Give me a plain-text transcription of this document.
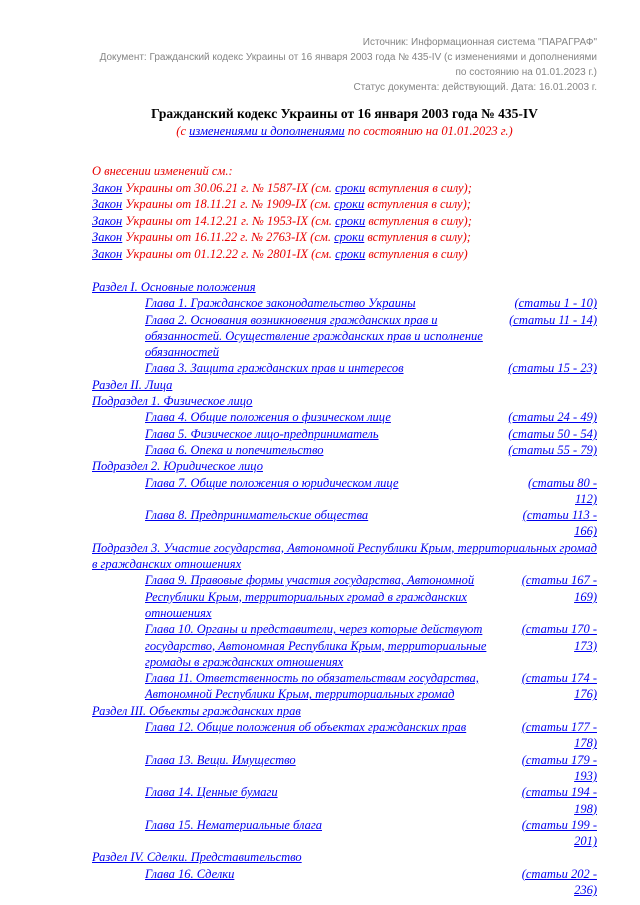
Источник: Информационная система "ПАРАГРАФ"
Документ: Гражданский кодекс Украины от 16 января 2003 года № 435-IV (с изменениями и дополнениями по состоянию на 01.01.2023 г.)
Статус документа: действующий. Дата: 16.01.2003 г.
Гражданский кодекс Украины от 16 января 2003 года № 435-IV
(с изменениями и дополнениями по состоянию на 01.01.2023 г.)
О внесении изменений см.:
Закон Украины от 30.06.21 г. № 1587-IX (см. сроки вступления в силу);
Закон Украины от 18.11.21 г. № 1909-IX (см. сроки вступления в силу);
Закон Украины от 14.12.21 г. № 1953-IX (см. сроки вступления в силу);
Закон Украины от 16.11.22 г. № 2763-IX (см. сроки вступления в силу);
Закон Украины от 01.12.22 г. № 2801-IX (см. сроки вступления в силу)
Раздел I. Основные положения
Глава 1. Гражданское законодательство Украины	(статьи 1 - 10)
Глава 2. Основания возникновения гражданских прав и обязанностей. Осуществление гражданских прав и исполнение обязанностей
(статьи 11 - 14)
Глава 3. Защита гражданских прав и интересов	(статьи 15 - 23)
Раздел II. Лица
Подраздел 1. Физическое лицо
Глава 4. Общие положения о физическом лице	(статьи 24 - 49)
Глава 5. Физическое лицо-предприниматель	(статьи 50 - 54)
Глава 6. Опека и попечительство	(статьи 55 - 79)
Подраздел 2. Юридическое лицо
Глава 7. Общие положения о юридическом лице	(статьи 80 -
112)
Глава 8. Предпринимательские общества	(статьи 113 -
166)
Подраздел 3. Участие государства, Автономной Республики Крым, территориальных громад в гражданских отношениях
Глава 9. Правовые формы участия государства, Автономной Республики Крым, территориальных громад в гражданских отношениях
(статьи 167 -
169)
Глава 10. Органы и представители, через которые действуют государство, Автономная Республика Крым, территориальные громады в гражданских отношениях
(статьи 170 -
173)
Глава 11. Ответственность по обязательствам государства, Автономной Республики Крым, территориальных громад
(статьи 174 -
176)
Раздел III. Объекты гражданских прав
Глава 12. Общие положения об объектах гражданских прав	(статьи 177 -
178)
Глава 13. Вещи. Имущество	(статьи 179 -
193)
Глава 14. Ценные бумаги	(статьи 194 -
198)
Глава 15. Нематериальные блага	(статьи 199 -
201)
Раздел IV. Сделки. Представительство
Глава 16. Сделки	(статьи 202 -
236)
